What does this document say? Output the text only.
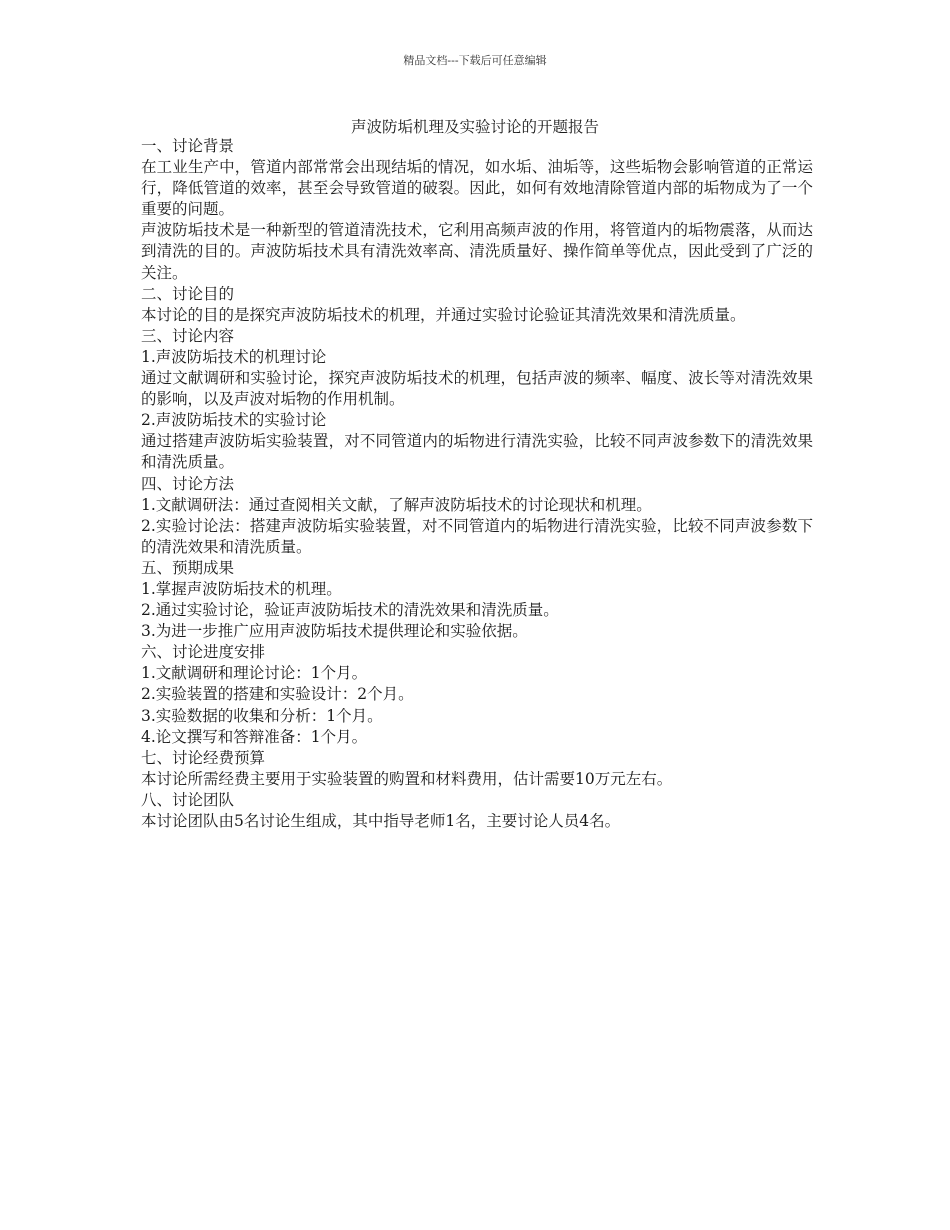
精品文档---下载后可任意编辑
声波防垢机理及实验讨论的开题报告
一、讨论背景

在工业生产中，管道内部常常会出现结垢的情况，如水垢、油垢等，这些垢物会影响管道的正常运行，降低管道的效率，甚至会导致管道的破裂。因此，如何有效地清除管道内部的垢物成为了一个重要的问题。

声波防垢技术是一种新型的管道清洗技术，它利用高频声波的作用，将管道内的垢物震落，从而达到清洗的目的。声波防垢技术具有清洗效率高、清洗质量好、操作简单等优点，因此受到了广泛的关注。

二、讨论目的

本讨论的目的是探究声波防垢技术的机理，并通过实验讨论验证其清洗效果和清洗质量。

三、讨论内容
1.声波防垢技术的机理讨论

通过文献调研和实验讨论，探究声波防垢技术的机理，包括声波的频率、幅度、波长等对清洗效果的影响，以及声波对垢物的作用机制。

2.声波防垢技术的实验讨论

通过搭建声波防垢实验装置，对不同管道内的垢物进行清洗实验，比较不同声波参数下的清洗效果和清洗质量。

四、讨论方法

1.文献调研法：通过查阅相关文献，了解声波防垢技术的讨论现状和机理。

2.实验讨论法：搭建声波防垢实验装置，对不同管道内的垢物进行清洗实验，比较不同声波参数下的清洗效果和清洗质量。

五、预期成果
1.掌握声波防垢技术的机理。
2.通过实验讨论，验证声波防垢技术的清洗效果和清洗质量。
3.为进一步推广应用声波防垢技术提供理论和实验依据。
六、讨论进度安排
1.文献调研和理论讨论：1个月。
2.实验装置的搭建和实验设计：2个月。
3.实验数据的收集和分析：1个月。
4.论文撰写和答辩准备：1个月。
七、讨论经费预算
本讨论所需经费主要用于实验装置的购置和材料费用，估计需要10万元左右。
八、讨论团队
本讨论团队由5名讨论生组成，其中指导老师1名，主要讨论人员4名。
